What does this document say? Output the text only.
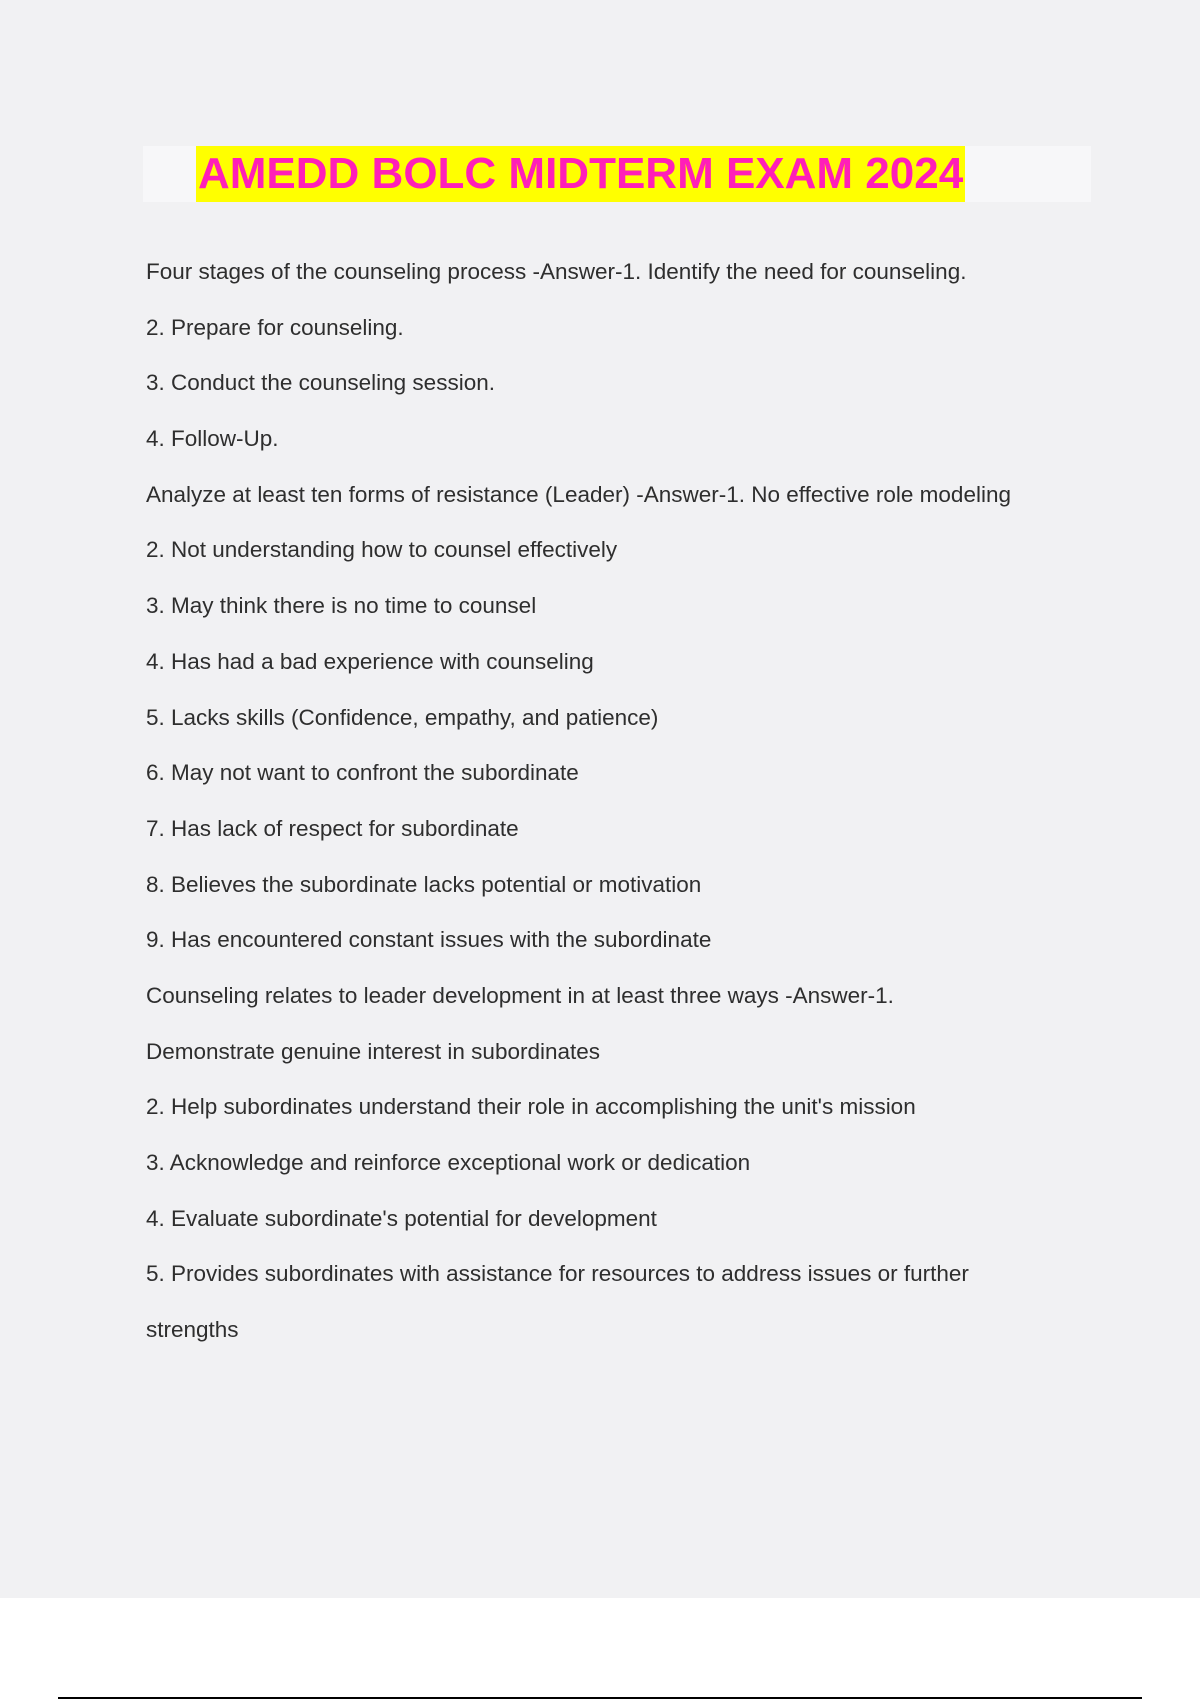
AMEDD BOLC MIDTERM EXAM 2024
Four stages of the counseling process -Answer-1. Identify the need for counseling.
2. Prepare for counseling.
3. Conduct the counseling session.
4. Follow-Up.
Analyze at least ten forms of resistance (Leader) -Answer-1. No effective role modeling
2. Not understanding how to counsel effectively
3. May think there is no time to counsel
4. Has had a bad experience with counseling
5. Lacks skills (Confidence, empathy, and patience)
6. May not want to confront the subordinate
7. Has lack of respect for subordinate
8. Believes the subordinate lacks potential or motivation
9. Has encountered constant issues with the subordinate
Counseling relates to leader development in at least three ways -Answer-1.
Demonstrate genuine interest in subordinates
2. Help subordinates understand their role in accomplishing the unit's mission
3. Acknowledge and reinforce exceptional work or dedication
4. Evaluate subordinate's potential for development
5. Provides subordinates with assistance for resources to address issues or further
strengths
